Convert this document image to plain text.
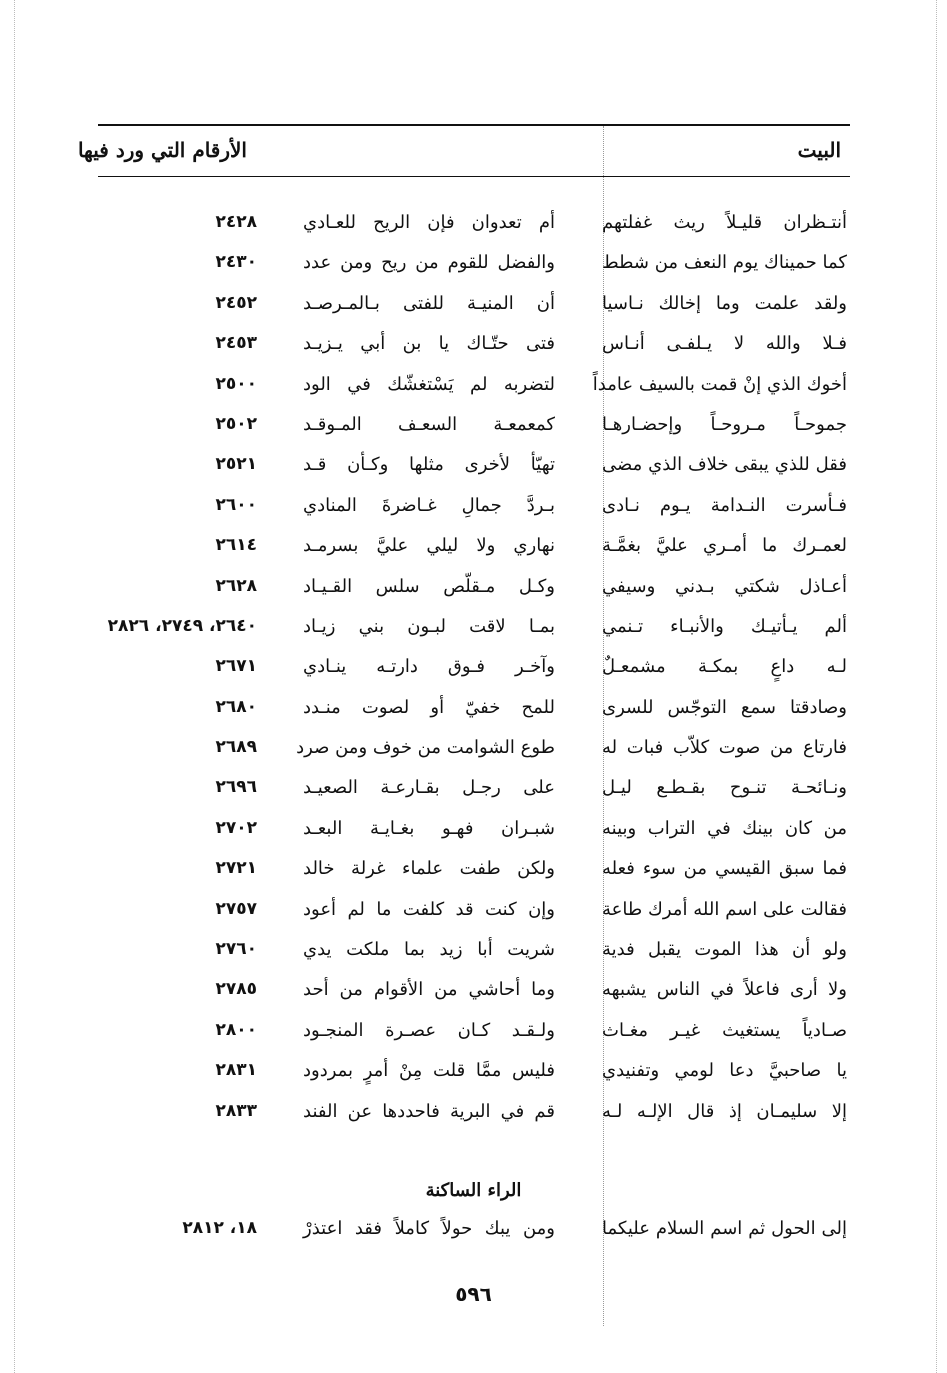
البيت
الأرقام التي ورد فيها
أنتـظران قليـلاً ريث غفلتهم
أم تعدوان فإن الريح للعـادي
٢٤٢٨
كما حميناك يوم النعف من شطط
والفضل للقوم من ريح ومن عدد
٢٤٣٠
ولقد علمت وما إخالك نـاسيا
أن المنيـة للفتى بـالمـرصـد
٢٤٥٢
فـلا والله لا يـلفـى أنـاس
فتى حتّـاك يا بن أبي يـزيـد
٢٤٥٣
أخوك الذي إنْ قمت بالسيف عامداً
لتضربه لم يَسْتغشّك في الود
٢٥٠٠
جموحـاً مـروحـاً وإحضـارهـا
كمعمعـة السعـف المـوقـد
٢٥٠٢
فقل للذي يبقى خلاف الذي مضى
تهيّأ لأخرى مثلها وكـأن قـد
٢٥٢١
فـأسرت النـدامة يـوم نـادى
بـردَّ جمالِ غـاضرةَ المنادي
٢٦٠٠
لعمـرك ما أمـري عليَّ بغمَّـة
نهاري ولا ليلي عليَّ بسرمـد
٢٦١٤
أعـاذل شكتي بـدني وسيفي
وكـل مـقلّص سلس القـيـاد
٢٦٢٨
ألم يـأتيـك والأنبـاء تـنمي
بمـا لاقت لبـون بني زيـاد
٢٦٤٠، ٢٧٤٩، ٢٨٢٦
لـه داعٍ بمكـة مشمعـلٌ
وآخـر فـوق دارتـه ينـادي
٢٦٧١
وصادقتا سمع التوجّس للسرى
للمح خفيّ أو لصوت منـدد
٢٦٨٠
فارتاع من صوت كلاّب فبات له
طوع الشوامت من خوف ومن صرد
٢٦٨٩
ونـائحـة تنـوح بقـطـع ليـل
على رجـل بقـارعـة الصعيـد
٢٦٩٦
من كان بينك في التراب وبينه
شبـران فهـو بغـايـة البعـد
٢٧٠٢
فما سبق القيسي من سوء فعله
ولكن طفت علماء غرلة خالد
٢٧٢١
فقالت على اسم الله أمرك طاعة
وإن كنت قد كلفت ما لم أعود
٢٧٥٧
ولو أن هذا الموت يقبل فدية
شريت أبا زيد بما ملكت يدي
٢٧٦٠
ولا أرى فاعلاً في الناس يشبهه
وما أحاشي من الأقوام من أحد
٢٧٨٥
صـادياً يستغيث غيـر مغـاث
ولـقـد كـان عصـرة المنجـود
٢٨٠٠
يا صاحبيَّ دعا لومي وتفنيدي
فليس ممَّا قلت مِنْ أمرٍ بمردود
٢٨٣١
إلا سليمـان إذ قال الإلـه لـه
قم في البرية فاحددها عن الفند
٢٨٣٣
الراء الساكنة
إلى الحول ثم اسم السلام عليكما
ومن يبك حولاً كاملاً فقد اعتذرْ
١٨، ٢٨١٢
٥٩٦
